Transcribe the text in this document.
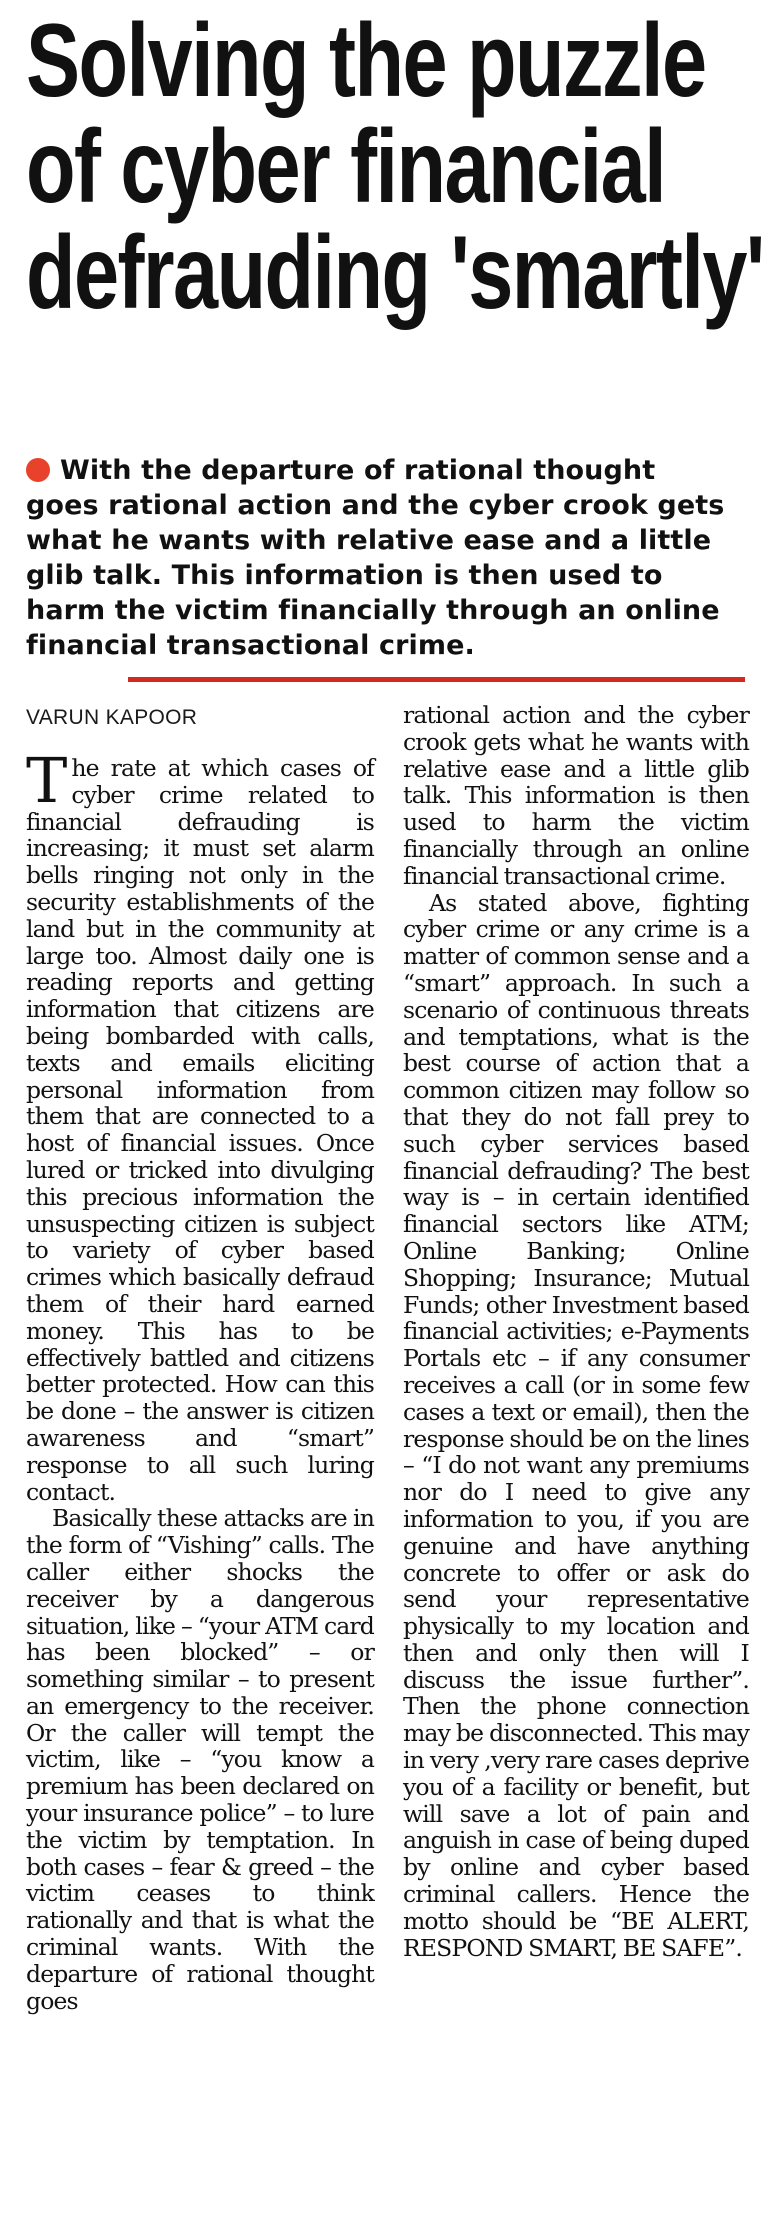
Solving the puzzle
of cyber financial
defrauding 'smartly'

With the departure of rational thought goes rational action and the cyber crook gets what he wants with relative ease and a little glib talk. This information is then used to harm the victim financially through an online financial transactional crime.

VARUN KAPOOR

The rate at which cases of cyber crime related to financial defrauding is increasing; it must set alarm bells ringing not only in the security establishments of the land but in the community at large too. Almost daily one is reading reports and getting information that citizens are being bombarded with calls, texts and emails eliciting personal information from them that are connected to a host of financial issues. Once lured or tricked into divulging this precious information the unsuspecting citizen is subject to variety of cyber based crimes which basically defraud them of their hard earned money. This has to be effectively battled and citizens better protected. How can this be done – the answer is citizen awareness and “smart” response to all such luring contact.

Basically these attacks are in the form of “Vishing” calls. The caller either shocks the receiver by a dangerous situation, like – “your ATM card has been blocked” – or something similar – to present an emergency to the receiver. Or the caller will tempt the victim, like – “you know a premium has been declared on your insurance police” – to lure the victim by temptation. In both cases – fear & greed – the victim ceases to think rationally and that is what the criminal wants. With the departure of rational thought goes

rational action and the cyber crook gets what he wants with relative ease and a little glib talk. This information is then used to harm the victim financially through an online financial transactional crime.

As stated above, fighting cyber crime or any crime is a matter of common sense and a “smart” approach. In such a scenario of continuous threats and temptations, what is the best course of action that a common citizen may follow so that they do not fall prey to such cyber services based financial defrauding? The best way is – in certain identified financial sectors like ATM; Online Banking; Online Shopping; Insurance; Mutual Funds; other Investment based financial activities; e-Payments Portals etc – if any consumer receives a call (or in some few cases a text or email), then the response should be on the lines – “I do not want any premiums nor do I need to give any information to you, if you are genuine and have anything concrete to offer or ask do send your representative physically to my location and then and only then will I discuss the issue further”. Then the phone connection may be disconnected. This may in very ,very rare cases deprive you of a facility or benefit, but will save a lot of pain and anguish in case of being duped by online and cyber based criminal callers. Hence the motto should be “BE ALERT, RESPOND SMART, BE SAFE”.
